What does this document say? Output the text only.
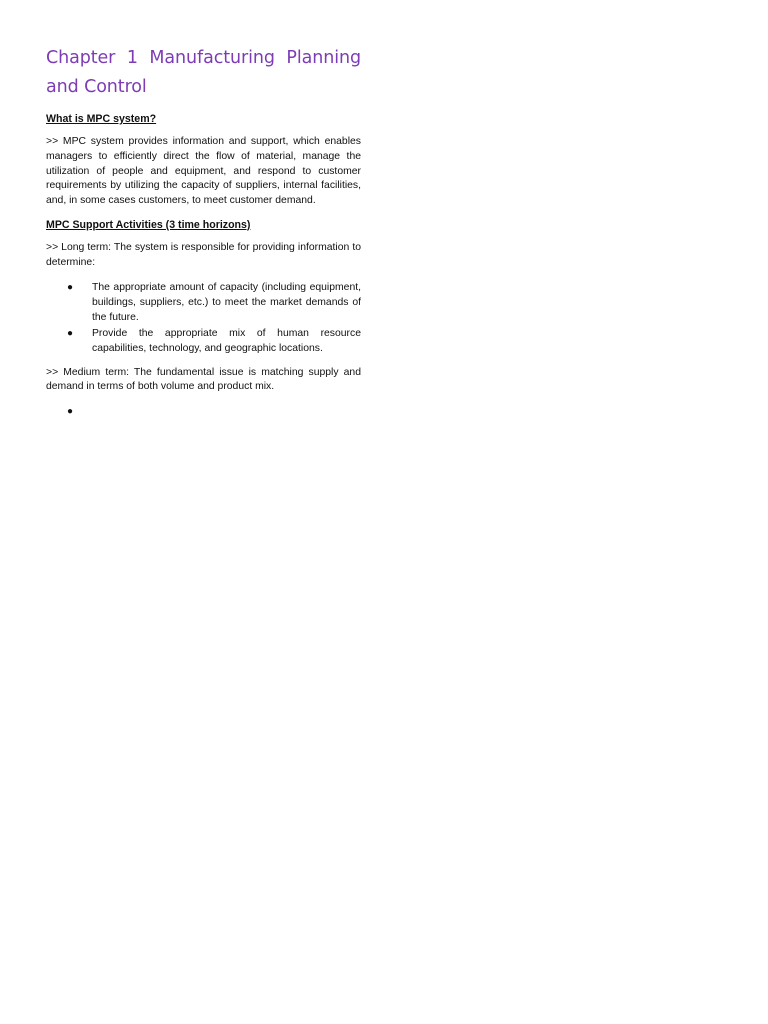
Chapter 1 Manufacturing Planning and Control
What is MPC system?

>> MPC system provides information and support, which enables managers to efficiently direct the flow of material, manage the utilization of people and equipment, and respond to customer requirements by utilizing the capacity of suppliers, internal facilities, and, in some cases customers, to meet customer demand.

MPC Support Activities (3 time horizons)

>> Long term: The system is responsible for providing information to determine:

● The appropriate amount of capacity (including equipment, buildings, suppliers, etc.) to meet the market demands of the future.
● Provide the appropriate mix of human resource capabilities, technology, and geographic locations.

>> Medium term: The fundamental issue is matching supply and demand in terms of both volume and product mix.

●
